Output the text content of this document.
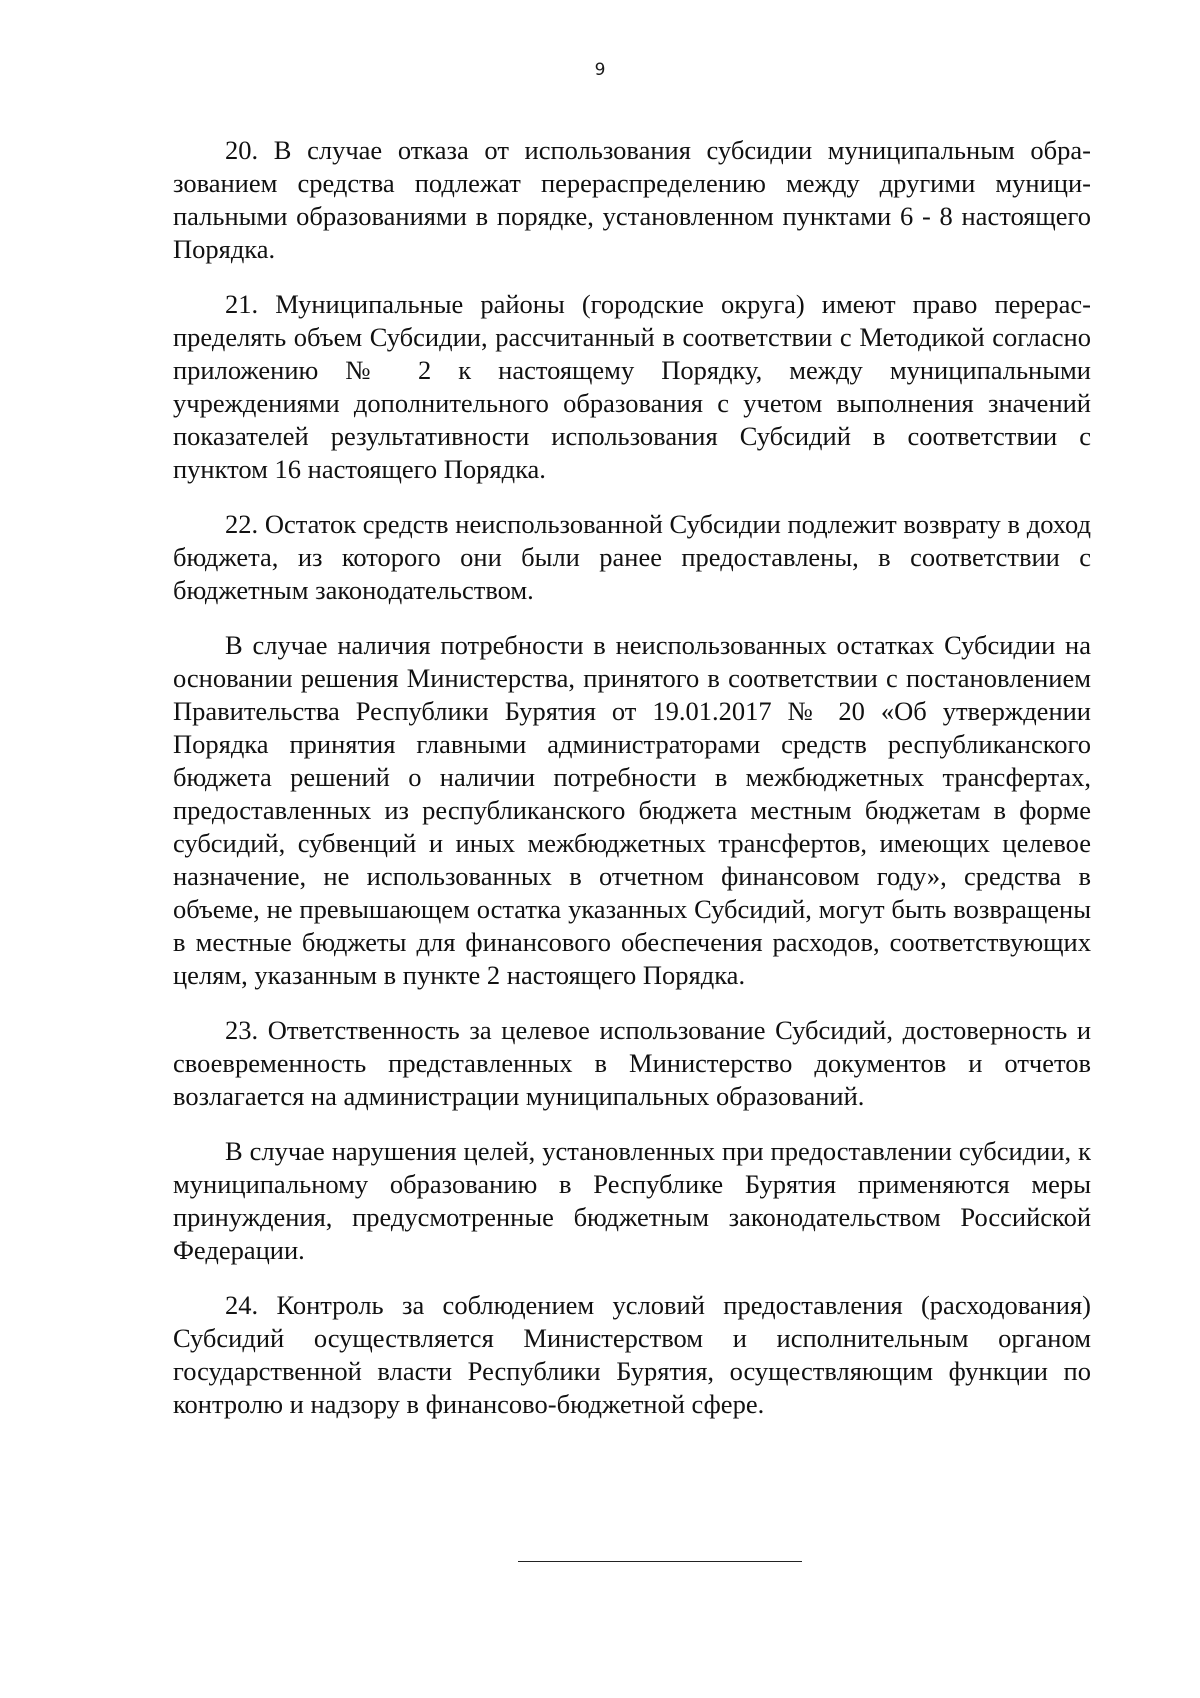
9

20. В случае отказа от использования субсидии муниципальным образованием средства подлежат перераспределению между другими муниципальными образованиями в порядке, установленном пунктами 6 - 8 настоящего Порядка.

21. Муниципальные районы (городские округа) имеют право перераспределять объем Субсидии, рассчитанный в соответствии с Методикой согласно приложению № 2 к настоящему Порядку, между муниципальными учреждениями дополнительного образования с учетом выполнения значений показателей результативности использования Субсидий в соответствии с пунктом 16 настоящего Порядка.

22. Остаток средств неиспользованной Субсидии подлежит возврату в доход бюджета, из которого они были ранее предоставлены, в соответствии с бюджетным законодательством.

В случае наличия потребности в неиспользованных остатках Субсидии на основании решения Министерства, принятого в соответствии с постановлением Правительства Республики Бурятия от 19.01.2017 № 20 «Об утверждении Порядка принятия главными администраторами средств республиканского бюджета решений о наличии потребности в межбюджетных трансфертах, предоставленных из республиканского бюджета местным бюджетам в форме субсидий, субвенций и иных межбюджетных трансфертов, имеющих целевое назначение, не использованных в отчетном финансовом году», средства в объеме, не превышающем остатка указанных Субсидий, могут быть возвращены в местные бюджеты для финансового обеспечения расходов, соответствующих целям, указанным в пункте 2 настоящего Порядка.

23. Ответственность за целевое использование Субсидий, достоверность и своевременность представленных в Министерство документов и отчетов возлагается на администрации муниципальных образований.

В случае нарушения целей, установленных при предоставлении субсидии, к муниципальному образованию в Республике Бурятия применяются меры принуждения, предусмотренные бюджетным законодательством Российской Федерации.

24. Контроль за соблюдением условий предоставления (расходования) Субсидий осуществляется Министерством и исполнительным органом государственной власти Республики Бурятия, осуществляющим функции по контролю и надзору в финансово-бюджетной сфере.
